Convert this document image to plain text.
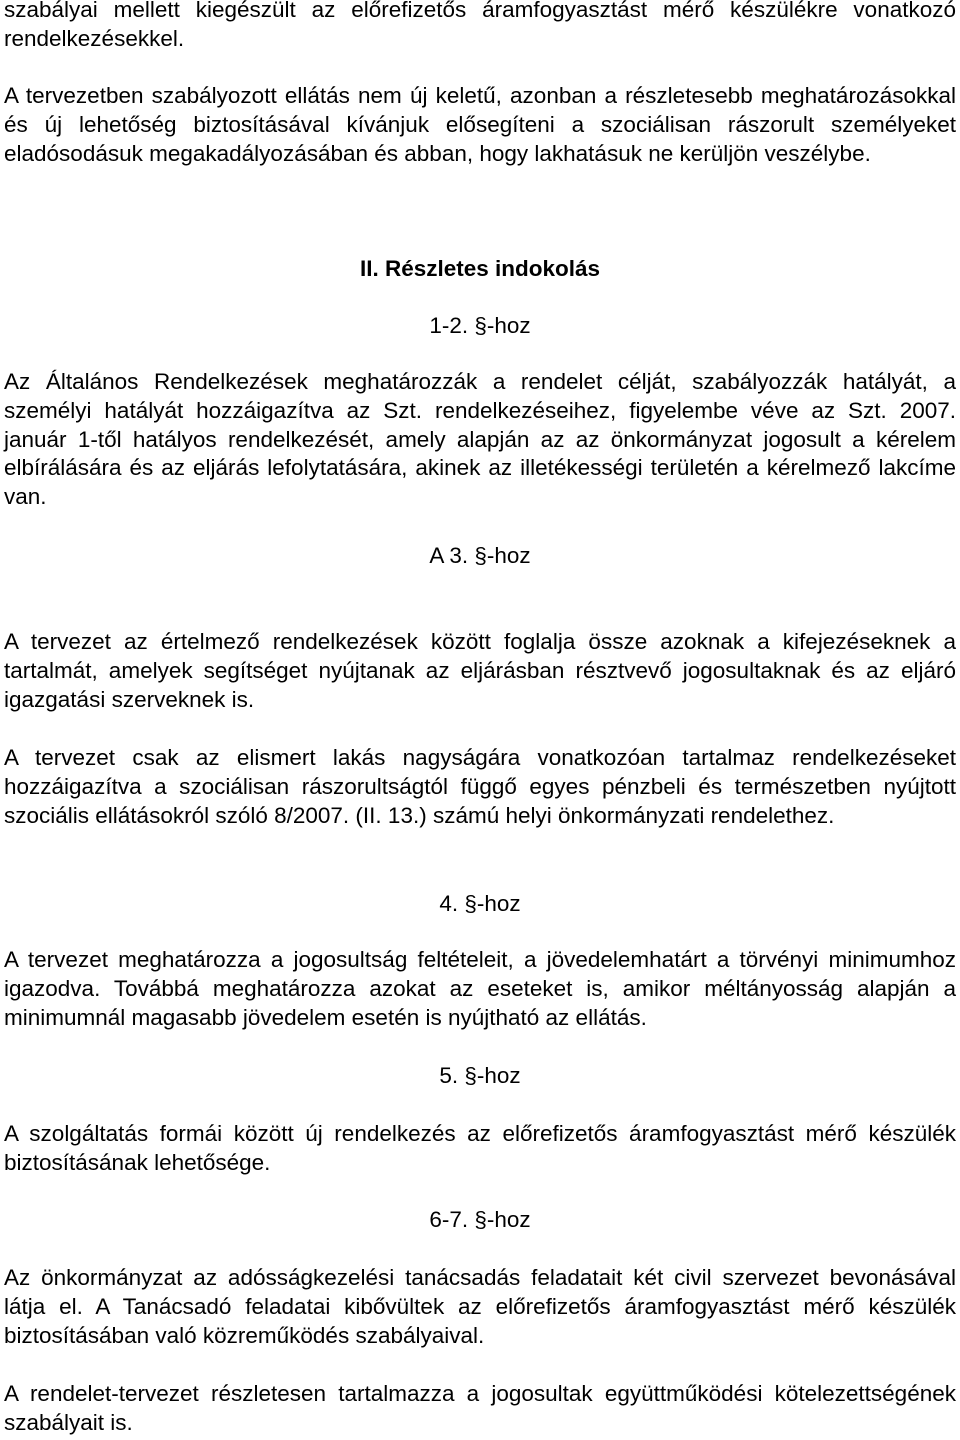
szabályai mellett kiegészült az előrefizetős áramfogyasztást mérő készülékre vonatkozó rendelkezésekkel.

A tervezetben szabályozott ellátás nem új keletű, azonban a részletesebb meghatározásokkal és új lehetőség biztosításával kívánjuk elősegíteni a szociálisan rászorult személyeket eladósodásuk megakadályozásában és abban, hogy lakhatásuk ne kerüljön veszélybe.

II. Részletes indokolás

1-2. §-hoz

Az Általános Rendelkezések meghatározzák a rendelet célját, szabályozzák hatályát, a személyi hatályát hozzáigazítva az Szt. rendelkezéseihez, figyelembe véve az Szt. 2007. január 1-től hatályos rendelkezését, amely alapján az az önkormányzat jogosult a kérelem elbírálására és az eljárás lefolytatására, akinek az illetékességi területén a kérelmező lakcíme van.

A 3. §-hoz

A tervezet az értelmező rendelkezések között foglalja össze azoknak a kifejezéseknek a tartalmát, amelyek segítséget nyújtanak az eljárásban résztvevő jogosultaknak és az eljáró igazgatási szerveknek is.

A tervezet csak az elismert lakás nagyságára vonatkozóan tartalmaz rendelkezéseket hozzáigazítva a szociálisan rászorultságtól függő egyes pénzbeli és természetben nyújtott szociális ellátásokról szóló 8/2007. (II. 13.) számú helyi önkormányzati rendelethez.

4. §-hoz

A tervezet meghatározza a jogosultság feltételeit, a jövedelemhatárt a törvényi minimumhoz igazodva. Továbbá meghatározza azokat az eseteket is, amikor méltányosság alapján a minimumnál magasabb jövedelem esetén is nyújtható az ellátás.

5. §-hoz

A szolgáltatás formái között új rendelkezés az előrefizetős áramfogyasztást mérő készülék biztosításának lehetősége.

6-7. §-hoz

Az önkormányzat az adósságkezelési tanácsadás feladatait két civil szervezet bevonásával látja el. A Tanácsadó feladatai kibővültek az előrefizetős áramfogyasztást mérő készülék biztosításában való közreműködés szabályaival.

A rendelet-tervezet részletesen tartalmazza a jogosultak együttműködési kötelezettségének szabályait is.
